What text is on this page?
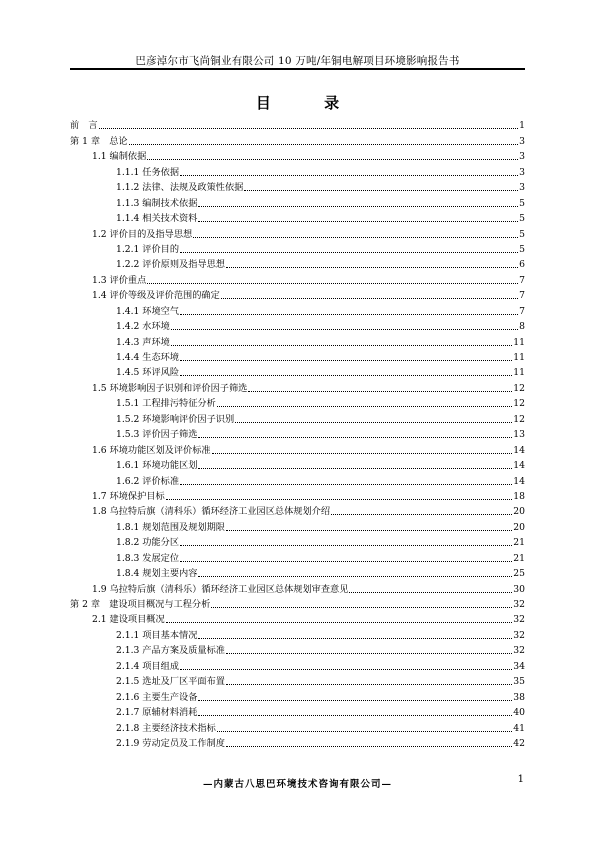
巴彦淖尔市飞尚铜业有限公司 10 万吨/年铜电解项目环境影响报告书
目 录
前　言	1
第 1 章　总论	3
1.1 编制依据	3
1.1.1 任务依据	3
1.1.2 法律、法规及政策性依据	3
1.1.3 编制技术依据	5
1.1.4 相关技术资料	5
1.2 评价目的及指导思想	5
1.2.1 评价目的	5
1.2.2 评价原则及指导思想	6
1.3 评价重点	7
1.4 评价等级及评价范围的确定	7
1.4.1 环境空气	7
1.4.2 水环境	8
1.4.3 声环境	11
1.4.4 生态环境	11
1.4.5 环评风险	11
1.5 环境影响因子识别和评价因子筛选	12
1.5.1 工程排污特征分析	12
1.5.2 环境影响评价因子识别	12
1.5.3 评价因子筛选	13
1.6 环境功能区划及评价标准	14
1.6.1 环境功能区划	14
1.6.2 评价标准	14
1.7 环境保护目标	18
1.8 乌拉特后旗（清科乐）循环经济工业园区总体规划介绍	20
1.8.1 规划范围及规划期限	20
1.8.2 功能分区	21
1.8.3 发展定位	21
1.8.4 规划主要内容	25
1.9 乌拉特后旗（清科乐）循环经济工业园区总体规划审查意见	30
第 2 章　建设项目概况与工程分析	32
2.1 建设项目概况	32
2.1.1 项目基本情况	32
2.1.3 产品方案及质量标准	32
2.1.4 项目组成	34
2.1.5 选址及厂区平面布置	35
2.1.6 主要生产设备	38
2.1.7 原辅材料消耗	40
2.1.8 主要经济技术指标	41
2.1.9 劳动定员及工作制度	42
—内蒙古八思巴环境技术咨询有限公司—	1
